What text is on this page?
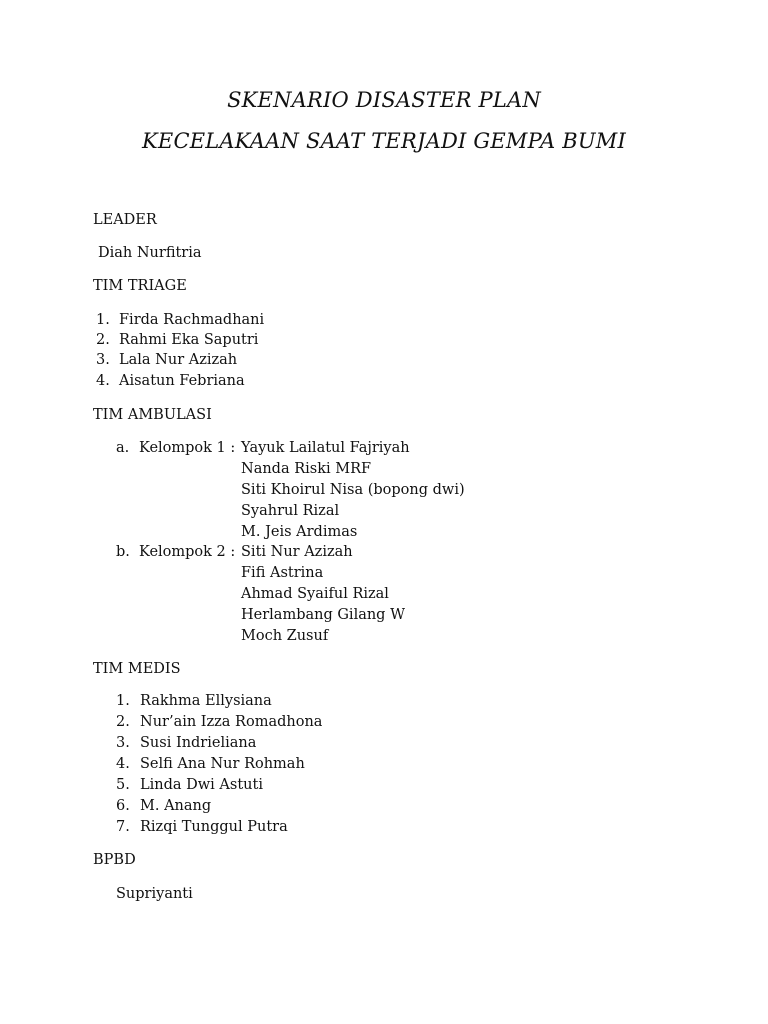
SKENARIO DISASTER PLAN
KECELAKAAN SAAT TERJADI GEMPA BUMI
LEADER
Diah Nurfitria
TIM TRIAGE
1. Firda Rachmadhani
2. Rahmi Eka Saputri
3. Lala Nur Azizah
4. Aisatun Febriana
TIM AMBULASI
a. Kelompok 1 : Yayuk Lailatul Fajriyah
Nanda Riski MRF
Siti Khoirul Nisa (bopong dwi)
Syahrul Rizal
M. Jeis Ardimas
b. Kelompok 2 : Siti Nur Azizah
Fifi Astrina
Ahmad Syaiful Rizal
Herlambang Gilang W
Moch Zusuf
TIM MEDIS
1. Rakhma Ellysiana
2. Nur’ain Izza Romadhona
3. Susi Indrieliana
4. Selfi Ana Nur Rohmah
5. Linda Dwi Astuti
6. M. Anang
7. Rizqi Tunggul Putra
BPBD
Supriyanti
